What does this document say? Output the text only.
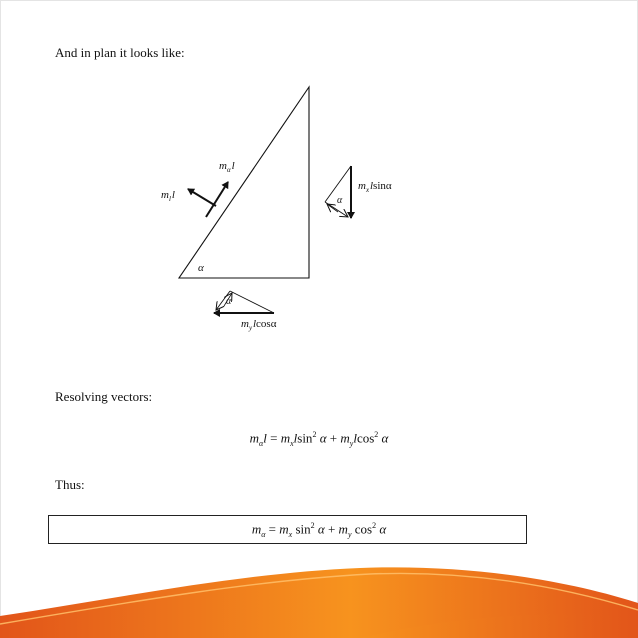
And in plan it looks like:
$m_\alpha$ l
$m_l$ l
$m_x$ lsinα
$m_y$ lcosα
α
α
α
Resolving vectors:
$m_\alpha l = m_xlsin^2$ $\alpha + m_ylcos^2$ α
Thus:
$m_\alpha = m_x$ $\sin^2 \alpha + m_y$ $\cos^2 \alpha$
